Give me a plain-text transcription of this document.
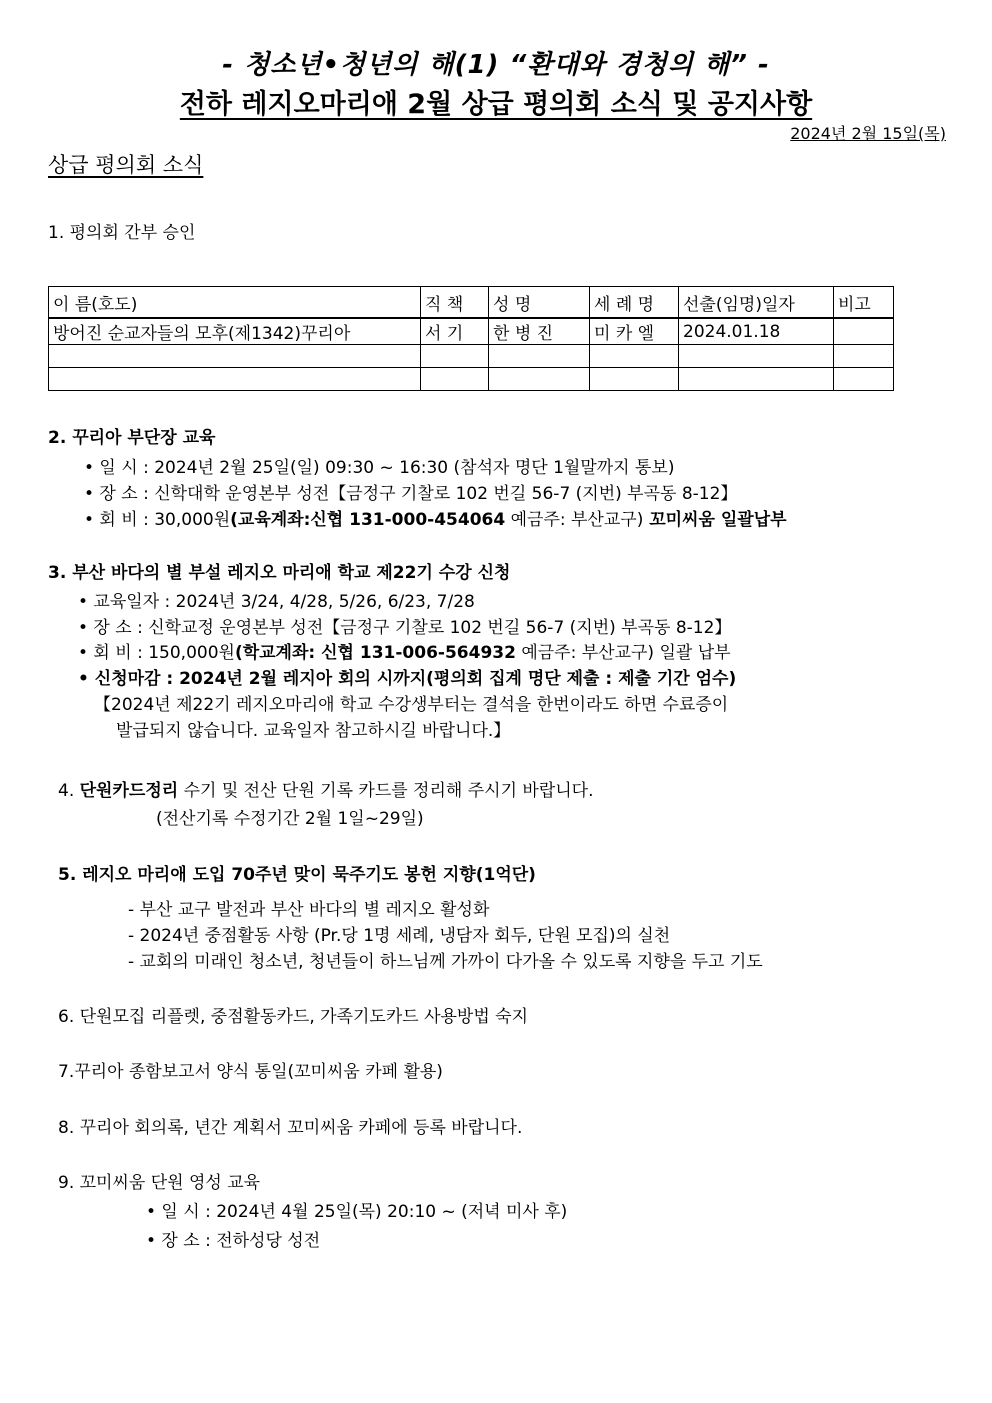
- 청소년•청년의 해(1) “환대와 경청의 해” -
전하 레지오마리애 2월 상급 평의회 소식 및 공지사항
2024년 2월 15일(목)
상급 평의회 소식
1. 평의회 간부 승인
이 름(호도)	직 책	성 명	세 례 명	선출(임명)일자	비고
방어진 순교자들의 모후(제1342)꾸리아	서 기	한 병 진	미 카 엘	2024.01.18	

2. 꾸리아 부단장 교육
• 일 시 : 2024년 2월 25일(일) 09:30 ~ 16:30 (참석자 명단 1월말까지 통보)
• 장 소 : 신학대학 운영본부 성전【금정구 기찰로 102 번길 56-7 (지번) 부곡동 8-12】
• 회 비 : 30,000원(교육계좌:신협 131-000-454064 예금주: 부산교구) 꼬미씨움 일괄납부
3. 부산 바다의 별 부설 레지오 마리애 학교 제22기 수강 신청
• 교육일자 : 2024년 3/24, 4/28, 5/26, 6/23, 7/28
• 장 소 : 신학교정 운영본부 성전【금정구 기찰로 102 번길 56-7 (지번) 부곡동 8-12】
• 회 비 : 150,000원(학교계좌: 신협 131-006-564932 예금주: 부산교구) 일괄 납부
• 신청마감 : 2024년 2월 레지아 회의 시까지(평의회 집계 명단 제출 : 제출 기간 엄수)
【2024년 제22기 레지오마리애 학교 수강생부터는 결석을 한번이라도 하면 수료증이
발급되지 않습니다. 교육일자 참고하시길 바랍니다.】
4. 단원카드정리 수기 및 전산 단원 기록 카드를 정리해 주시기 바랍니다.
(전산기록 수정기간 2월 1일~29일)
5. 레지오 마리애 도입 70주년 맞이 묵주기도 봉헌 지향(1억단)
- 부산 교구 발전과 부산 바다의 별 레지오 활성화
- 2024년 중점활동 사항 (Pr.당 1명 세례, 냉담자 회두, 단원 모집)의 실천
- 교회의 미래인 청소년, 청년들이 하느님께 가까이 다가올 수 있도록 지향을 두고 기도
6. 단원모집 리플렛, 중점활동카드, 가족기도카드 사용방법 숙지
7.꾸리아 종함보고서 양식 통일(꼬미씨움 카페 활용)
8. 꾸리아 회의록, 년간 계획서 꼬미씨움 카페에 등록 바랍니다.
9. 꼬미씨움 단원 영성 교육
• 일 시 : 2024년 4월 25일(목) 20:10 ~ (저녁 미사 후)
• 장 소 : 전하성당 성전
